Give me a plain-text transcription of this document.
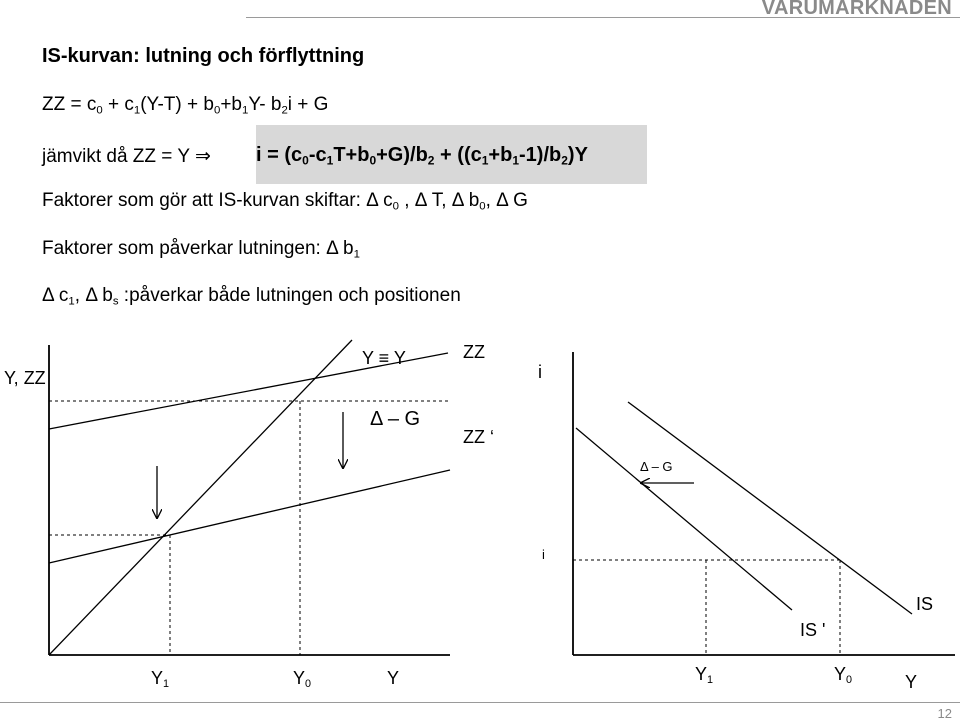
VARUMARKNADEN
IS-kurvan: lutning och förflyttning
ZZ = $c_0 + c_1(Y-T) + b_0+b_1Y-$ $b_2i + G$
jämvikt då ZZ = Y ⇒ $i = (c_0-c_1T+b_0+G)/b_2 + ((c_1+b_1-1)/b_2)Y$
Faktorer som gör att IS-kurvan skiftar: Δ $c_0$ , Δ T, Δ $b_0$, Δ G
Faktorer som påverkar lutningen: Δ $b_1$
Δ $c_1$, Δ $b_s$ :påverkar både lutningen och positionen
Y, ZZ
Y ≡ Y	ZZ
ZZ ‘
Δ – G
$Y_1$	$Y_0$	Y
i
i
Δ – G
IS
IS '
$Y_1$	$Y_0$	Y
12
